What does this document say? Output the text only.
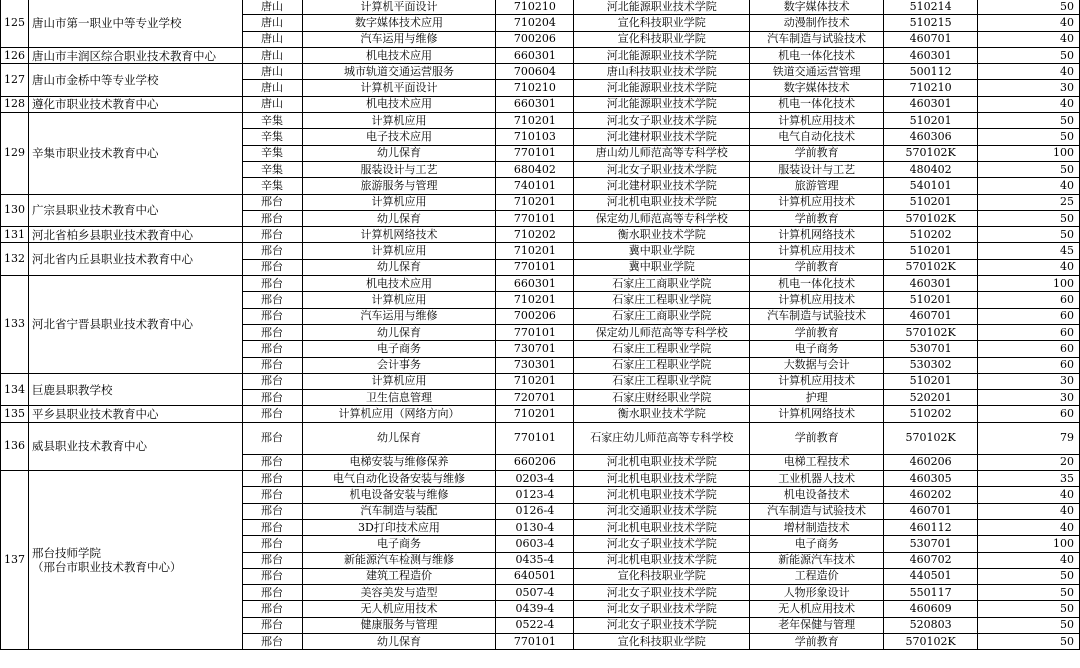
125	唐山市第一职业中等专业学校	唐山	计算机平面设计	710210	河北能源职业技术学院	数字媒体技术	510214	50
		唐山	数字媒体技术应用	710204	宣化科技职业学院	动漫制作技术	510215	40
		唐山	汽车运用与维修	700206	宣化科技职业学院	汽车制造与试验技术	460701	40
126	唐山市丰润区综合职业技术教育中心	唐山	机电技术应用	660301	河北能源职业技术学院	机电一体化技术	460301	50
127	唐山市金桥中等专业学校	唐山	城市轨道交通运营服务	700604	唐山科技职业技术学院	铁道交通运营管理	500112	40
		唐山	计算机平面设计	710210	河北能源职业技术学院	数字媒体技术	710210	30
128	遵化市职业技术教育中心	唐山	机电技术应用	660301	河北能源职业技术学院	机电一体化技术	460301	40
129	辛集市职业技术教育中心	辛集	计算机应用	710201	河北女子职业技术学院	计算机应用技术	510201	50
		辛集	电子技术应用	710103	河北建材职业技术学院	电气自动化技术	460306	50
		辛集	幼儿保育	770101	唐山幼儿师范高等专科学校	学前教育	570102K	100
		辛集	服装设计与工艺	680402	河北女子职业技术学院	服装设计与工艺	480402	50
		辛集	旅游服务与管理	740101	河北建材职业技术学院	旅游管理	540101	40
130	广宗县职业技术教育中心	邢台	计算机应用	710201	河北机电职业技术学院	计算机应用技术	510201	25
		邢台	幼儿保育	770101	保定幼儿师范高等专科学校	学前教育	570102K	50
131	河北省柏乡县职业技术教育中心	邢台	计算机网络技术	710202	衡水职业技术学院	计算机网络技术	510202	50
132	河北省内丘县职业技术教育中心	邢台	计算机应用	710201	冀中职业学院	计算机应用技术	510201	45
		邢台	幼儿保育	770101	冀中职业学院	学前教育	570102K	40
133	河北省宁晋县职业技术教育中心	邢台	机电技术应用	660301	石家庄工商职业学院	机电一体化技术	460301	100
		邢台	计算机应用	710201	石家庄工程职业学院	计算机应用技术	510201	60
		邢台	汽车运用与维修	700206	石家庄工商职业学院	汽车制造与试验技术	460701	60
		邢台	幼儿保育	770101	保定幼儿师范高等专科学校	学前教育	570102K	60
		邢台	电子商务	730701	石家庄工程职业学院	电子商务	530701	60
		邢台	会计事务	730301	石家庄工程职业学院	大数据与会计	530302	60
134	巨鹿县职教学校	邢台	计算机应用	710201	石家庄工程职业学院	计算机应用技术	510201	30
		邢台	卫生信息管理	720701	石家庄财经职业学院	护理	520201	30
135	平乡县职业技术教育中心	邢台	计算机应用（网络方向）	710201	衡水职业技术学院	计算机网络技术	510202	60
136	威县职业技术教育中心	邢台	幼儿保育	770101	石家庄幼儿师范高等专科学校	学前教育	570102K	79
		邢台	电梯安装与维修保养	660206	河北机电职业技术学院	电梯工程技术	460206	20
137	邢台技师学院
（邢台市职业技术教育中心）	邢台	电气自动化设备安装与维修	0203-4	河北机电职业技术学院	工业机器人技术	460305	35
		邢台	机电设备安装与维修	0123-4	河北机电职业技术学院	机电设备技术	460202	40
		邢台	汽车制造与装配	0126-4	河北交通职业技术学院	汽车制造与试验技术	460701	40
		邢台	3D打印技术应用	0130-4	河北机电职业技术学院	增材制造技术	460112	40
		邢台	电子商务	0603-4	河北女子职业技术学院	电子商务	530701	100
		邢台	新能源汽车检测与维修	0435-4	河北机电职业技术学院	新能源汽车技术	460702	40
		邢台	建筑工程造价	640501	宣化科技职业学院	工程造价	440501	50
		邢台	美容美发与造型	0507-4	河北女子职业技术学院	人物形象设计	550117	50
		邢台	无人机应用技术	0439-4	河北女子职业技术学院	无人机应用技术	460609	50
		邢台	健康服务与管理	0522-4	河北女子职业技术学院	老年保健与管理	520803	50
		邢台	幼儿保育	770101	宣化科技职业学院	学前教育	570102K	50
